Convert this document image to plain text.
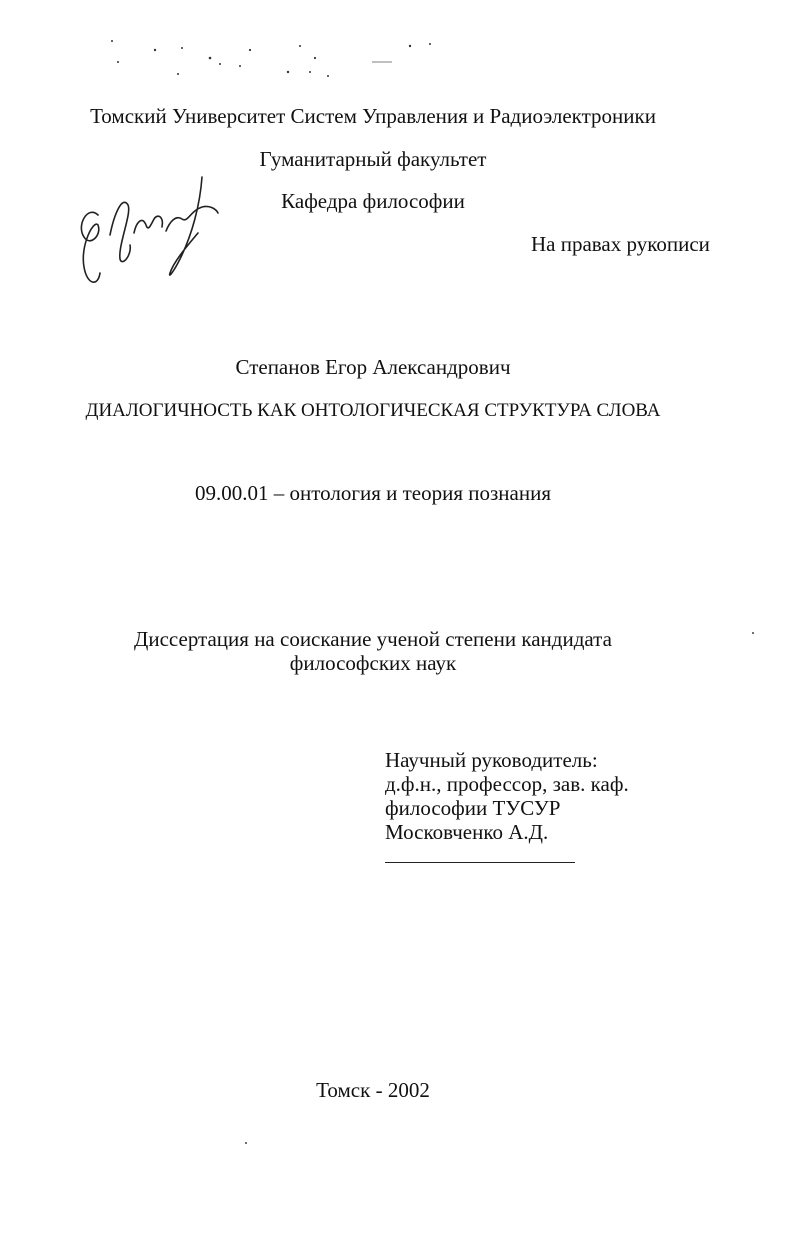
Томский Университет Систем Управления и Радиоэлектроники
Гуманитарный факультет
Кафедра философии
На правах рукописи
Степанов Егор Александрович
ДИАЛОГИЧНОСТЬ КАК ОНТОЛОГИЧЕСКАЯ СТРУКТУРА СЛОВА
09.00.01 – онтология и теория познания
Диссертация на соискание ученой степени кандидата
философских наук
Научный руководитель:
д.ф.н., профессор, зав. каф.
философии ТУСУР
Московченко А.Д.
Томск - 2002
